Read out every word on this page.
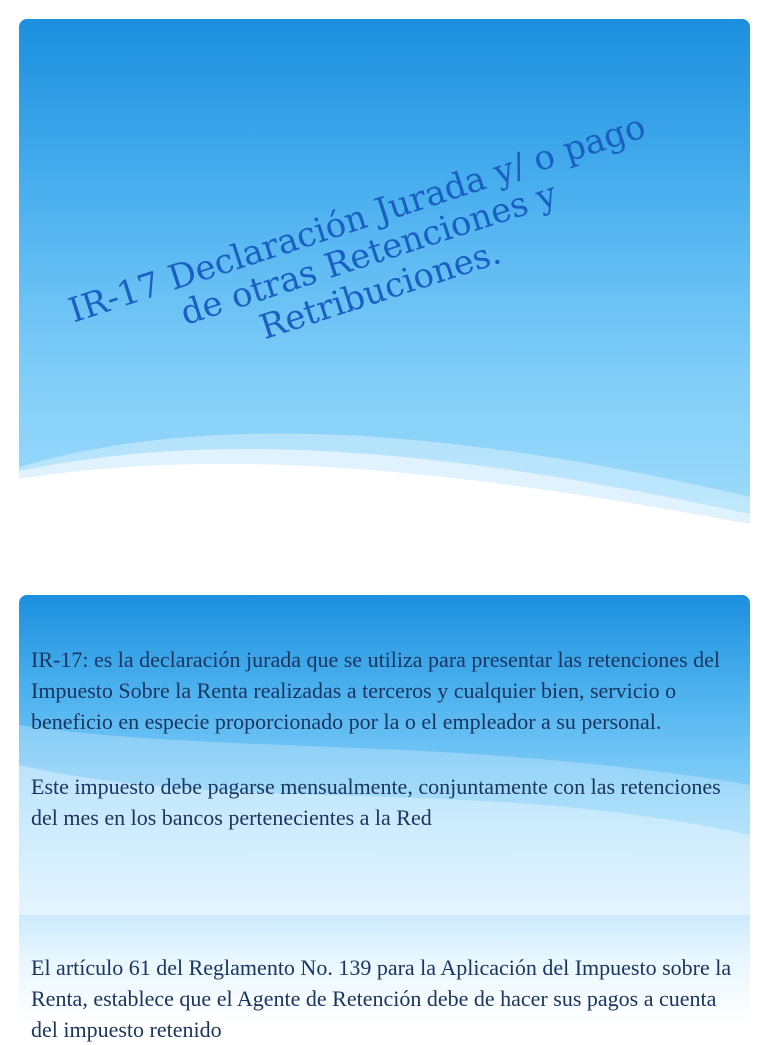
IR-17 Declaración Jurada y/ o pago de otras Retenciones y Retribuciones.

IR-17: es la declaración jurada que se utiliza para presentar las retenciones del Impuesto Sobre la Renta realizadas a terceros y cualquier bien, servicio o beneficio en especie proporcionado por la o el empleador a su personal.

Este impuesto debe pagarse mensualmente, conjuntamente con las retenciones del mes en los bancos pertenecientes a la Red

El artículo 61 del Reglamento No. 139 para la Aplicación del Impuesto sobre la Renta, establece que el Agente de Retención debe de hacer sus pagos a cuenta del impuesto retenido
